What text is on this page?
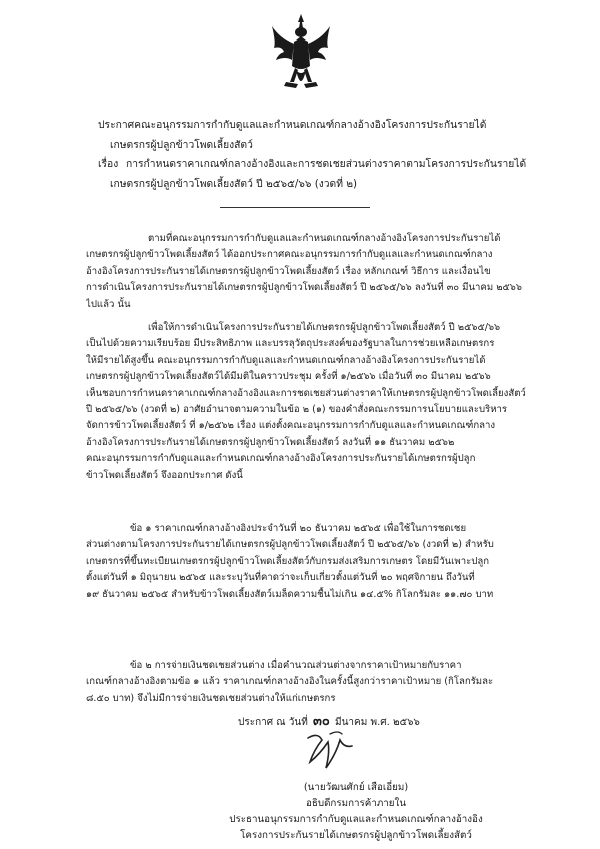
ประกาศคณะอนุกรรมการกำกับดูแลและกำหนดเกณฑ์กลางอ้างอิงโครงการประกันรายได้
เกษตรกรผู้ปลูกข้าวโพดเลี้ยงสัตว์
เรื่อง การกำหนดราคาเกณฑ์กลางอ้างอิงและการชดเชยส่วนต่างราคาตามโครงการประกันรายได้
เกษตรกรผู้ปลูกข้าวโพดเลี้ยงสัตว์ ปี ๒๕๖๕/๖๖ (งวดที่ ๒)
ตามที่คณะอนุกรรมการกำกับดูแลและกำหนดเกณฑ์กลางอ้างอิงโครงการประกันรายได้
เกษตรกรผู้ปลูกข้าวโพดเลี้ยงสัตว์ ได้ออกประกาศคณะอนุกรรมการกำกับดูแลและกำหนดเกณฑ์กลาง
อ้างอิงโครงการประกันรายได้เกษตรกรผู้ปลูกข้าวโพดเลี้ยงสัตว์ เรื่อง หลักเกณฑ์ วิธีการ และเงื่อนไข
การดำเนินโครงการประกันรายได้เกษตรกรผู้ปลูกข้าวโพดเลี้ยงสัตว์ ปี ๒๕๖๕/๖๖ ลงวันที่ ๓๐ มีนาคม ๒๕๖๖
ไปแล้ว นั้น
เพื่อให้การดำเนินโครงการประกันรายได้เกษตรกรผู้ปลูกข้าวโพดเลี้ยงสัตว์ ปี ๒๕๖๕/๖๖
เป็นไปด้วยความเรียบร้อย มีประสิทธิภาพ และบรรลุวัตถุประสงค์ของรัฐบาลในการช่วยเหลือเกษตรกร
ให้มีรายได้สูงขึ้น คณะอนุกรรมการกำกับดูแลและกำหนดเกณฑ์กลางอ้างอิงโครงการประกันรายได้
เกษตรกรผู้ปลูกข้าวโพดเลี้ยงสัตว์ได้มีมติในคราวประชุม ครั้งที่ ๑/๒๕๖๖ เมื่อวันที่ ๓๐ มีนาคม ๒๕๖๖
เห็นชอบการกำหนดราคาเกณฑ์กลางอ้างอิงและการชดเชยส่วนต่างราคาให้เกษตรกรผู้ปลูกข้าวโพดเลี้ยงสัตว์
ปี ๒๕๖๕/๖๖ (งวดที่ ๒) อาศัยอำนาจตามความในข้อ ๒ (๑) ของคำสั่งคณะกรรมการนโยบายและบริหาร
จัดการข้าวโพดเลี้ยงสัตว์ ที่ ๑/๒๕๖๒ เรื่อง แต่งตั้งคณะอนุกรรมการกำกับดูแลและกำหนดเกณฑ์กลาง
อ้างอิงโครงการประกันรายได้เกษตรกรผู้ปลูกข้าวโพดเลี้ยงสัตว์ ลงวันที่ ๑๑ ธันวาคม ๒๕๖๒
คณะอนุกรรมการกำกับดูแลและกำหนดเกณฑ์กลางอ้างอิงโครงการประกันรายได้เกษตรกรผู้ปลูก
ข้าวโพดเลี้ยงสัตว์ จึงออกประกาศ ดังนี้
ข้อ ๑ ราคาเกณฑ์กลางอ้างอิงประจำวันที่ ๒๐ ธันวาคม ๒๕๖๕ เพื่อใช้ในการชดเชย
ส่วนต่างตามโครงการประกันรายได้เกษตรกรผู้ปลูกข้าวโพดเลี้ยงสัตว์ ปี ๒๕๖๕/๖๖ (งวดที่ ๒) สำหรับ
เกษตรกรที่ขึ้นทะเบียนเกษตรกรผู้ปลูกข้าวโพดเลี้ยงสัตว์กับกรมส่งเสริมการเกษตร โดยมีวันเพาะปลูก
ตั้งแต่วันที่ ๑ มิถุนายน ๒๕๖๕ และระบุวันที่คาดว่าจะเก็บเกี่ยวตั้งแต่วันที่ ๒๐ พฤศจิกายน ถึงวันที่
๑๙ ธันวาคม ๒๕๖๕ สำหรับข้าวโพดเลี้ยงสัตว์เมล็ดความชื้นไม่เกิน ๑๔.๕% กิโลกรัมละ ๑๑.๗๐ บาท
ข้อ ๒ การจ่ายเงินชดเชยส่วนต่าง เมื่อคำนวณส่วนต่างจากราคาเป้าหมายกับราคา
เกณฑ์กลางอ้างอิงตามข้อ ๑ แล้ว ราคาเกณฑ์กลางอ้างอิงในครั้งนี้สูงกว่าราคาเป้าหมาย (กิโลกรัมละ
๘.๕๐ บาท) จึงไม่มีการจ่ายเงินชดเชยส่วนต่างให้แก่เกษตรกร
ประกาศ ณ วันที่ ๓๐ มีนาคม พ.ศ. ๒๕๖๖
(นายวัฒนศักย์ เสือเอี่ยม)
อธิบดีกรมการค้าภายใน
ประธานอนุกรรมการกำกับดูแลและกำหนดเกณฑ์กลางอ้างอิง
โครงการประกันรายได้เกษตรกรผู้ปลูกข้าวโพดเลี้ยงสัตว์
